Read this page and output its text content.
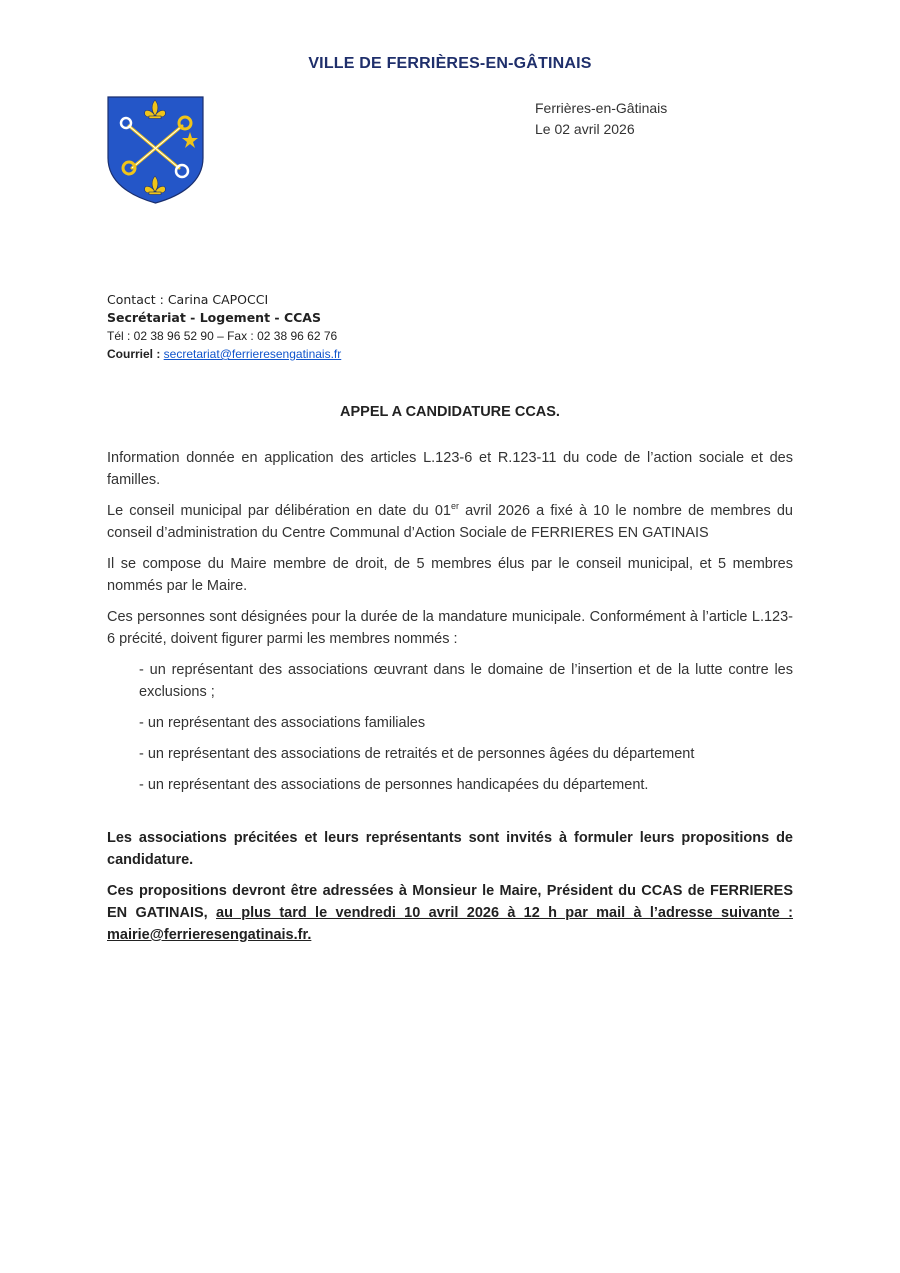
VILLE DE FERRIÈRES-EN-GÂTINAIS
Ferrières-en-Gâtinais
Le 02 avril 2026
Contact : Carina CAPOCCI
Secrétariat - Logement - CCAS
Tél : 02 38 96 52 90 – Fax : 02 38 96 62 76
Courriel : secretariat@ferrieresengatinais.fr
APPEL A CANDIDATURE CCAS.

Information donnée en application des articles L.123-6 et R.123-11 du code de l’action sociale et des familles.

Le conseil municipal par délibération en date du 01er avril 2026 a fixé à 10 le nombre de membres du conseil d’administration du Centre Communal d’Action Sociale de FERRIERES EN GATINAIS

Il se compose du Maire membre de droit, de 5 membres élus par le conseil municipal, et 5 membres nommés par le Maire.

Ces personnes sont désignées pour la durée de la mandature municipale. Conformément à l’article L.123-6 précité, doivent figurer parmi les membres nommés :

- un représentant des associations œuvrant dans le domaine de l’insertion et de la lutte contre les exclusions ;

- un représentant des associations familiales

- un représentant des associations de retraités et de personnes âgées du département

- un représentant des associations de personnes handicapées du département.

Les associations précitées et leurs représentants sont invités à formuler leurs propositions de candidature.

Ces propositions devront être adressées à Monsieur le Maire, Président du CCAS de FERRIERES EN GATINAIS, au plus tard le vendredi 10 avril 2026 à 12 h par mail à l’adresse suivante : mairie@ferrieresengatinais.fr.
